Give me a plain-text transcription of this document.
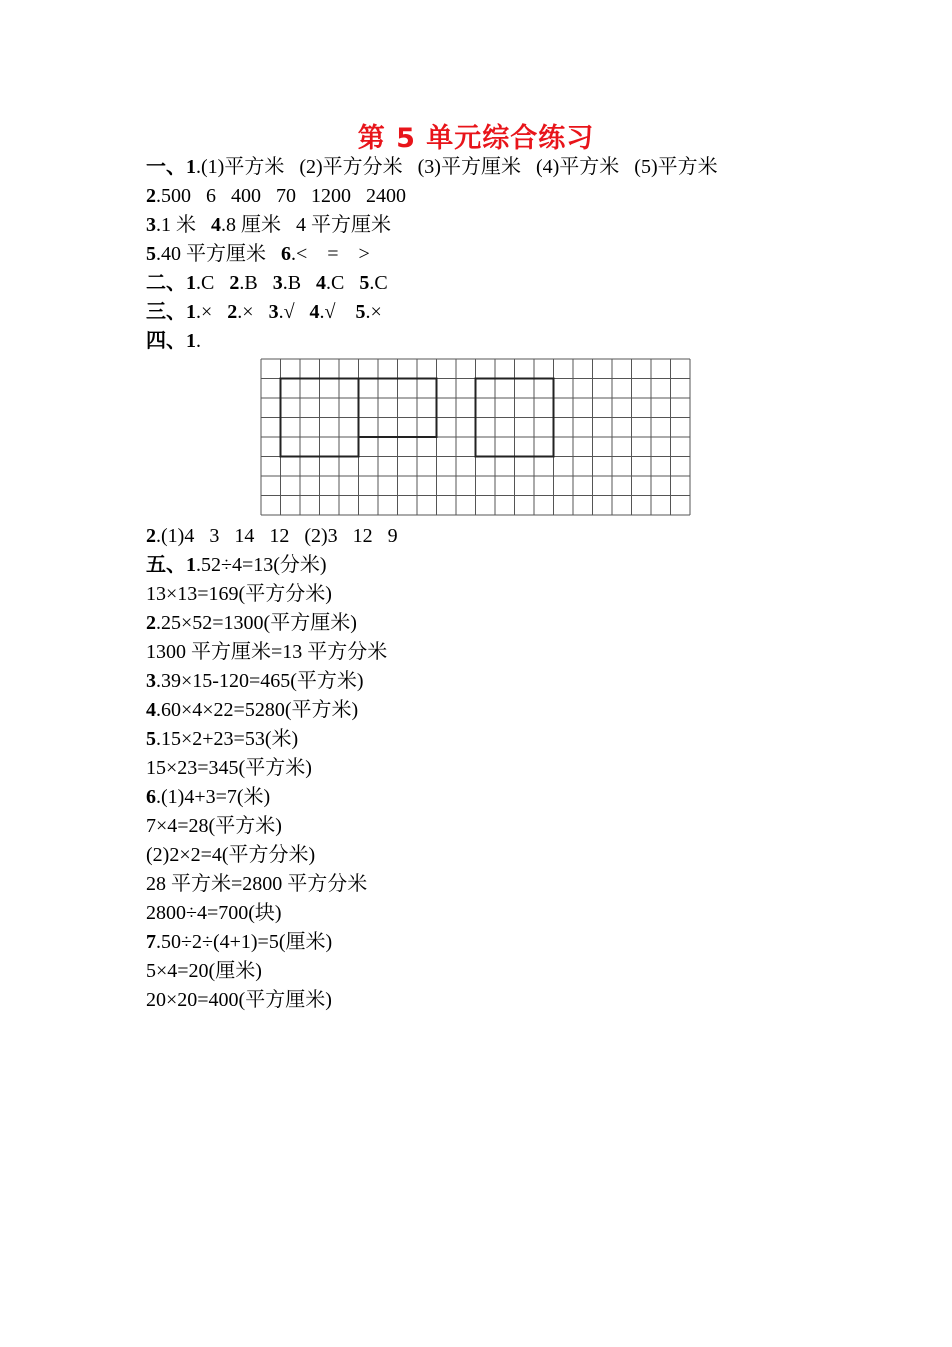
第 5 单元综合练习
一、1.(1)平方米   (2)平方分米   (3)平方厘米   (4)平方米   (5)平方米
2.500   6   400   70   1200   2400
3.1 米   4.8 厘米   4 平方厘米
5.40 平方厘米   6.<    =    >
二、1.C   2.B   3.B   4.C   5.C
三、1.×   2.×   3.√   4.√    5.×
四、1.
2.(1)4   3   14   12   (2)3   12   9
五、1.52÷4=13(分米)
13×13=169(平方分米)
2.25×52=1300(平方厘米)
1300 平方厘米=13 平方分米
3.39×15-120=465(平方米)
4.60×4×22=5280(平方米)
5.15×2+23=53(米)
15×23=345(平方米)
6.(1)4+3=7(米)
7×4=28(平方米)
(2)2×2=4(平方分米)
28 平方米=2800 平方分米
2800÷4=700(块)
7.50÷2÷(4+1)=5(厘米)
5×4=20(厘米)
20×20=400(平方厘米)
